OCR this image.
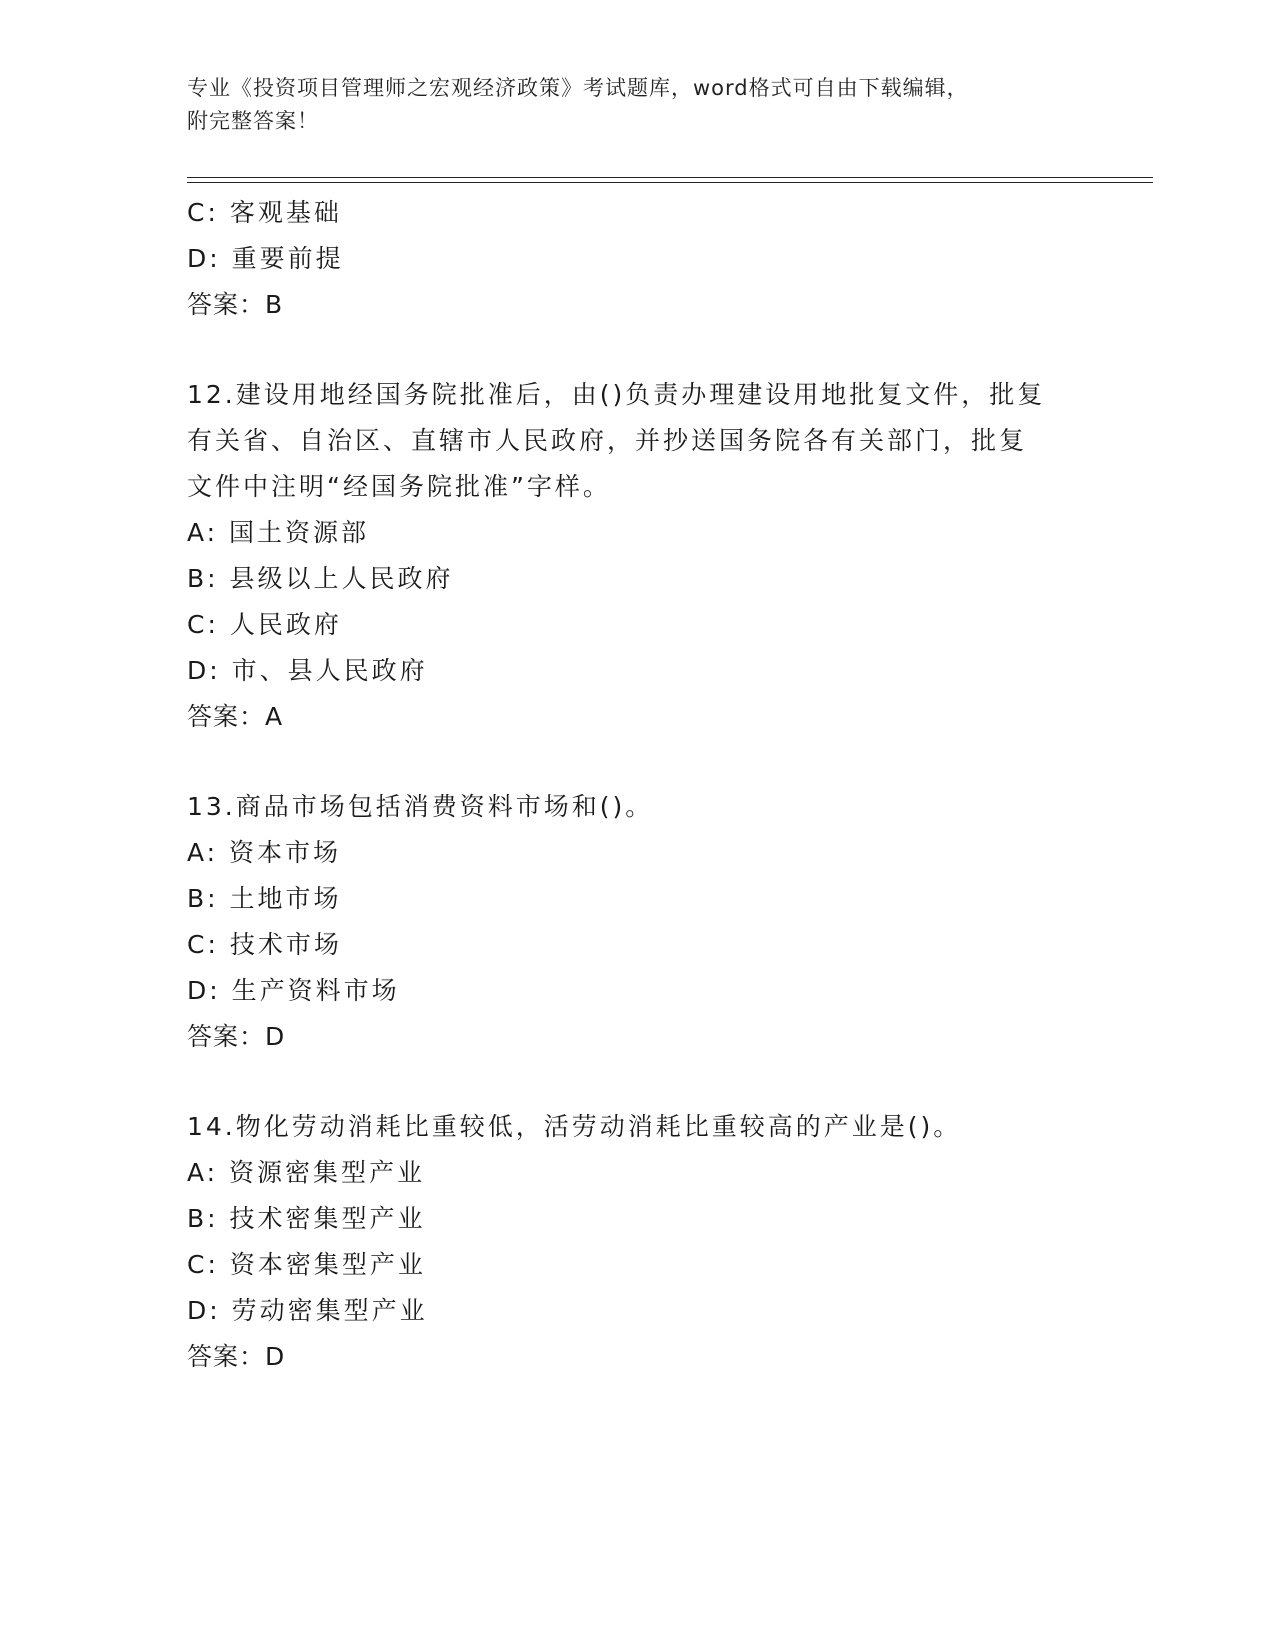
专业《投资项目管理师之宏观经济政策》考试题库，word格式可自由下载编辑，
附完整答案！

C: 客观基础

D: 重要前提

答案：B

12.建设用地经国务院批准后，由()负责办理建设用地批复文件，批复

有关省、自治区、直辖市人民政府，并抄送国务院各有关部门，批复

文件中注明“经国务院批准”字样。

A: 国土资源部

B: 县级以上人民政府

C: 人民政府

D: 市、县人民政府

答案：A

13.商品市场包括消费资料市场和()。

A: 资本市场

B: 土地市场

C: 技术市场

D: 生产资料市场

答案：D

14.物化劳动消耗比重较低，活劳动消耗比重较高的产业是()。

A: 资源密集型产业

B: 技术密集型产业

C: 资本密集型产业

D: 劳动密集型产业

答案：D
